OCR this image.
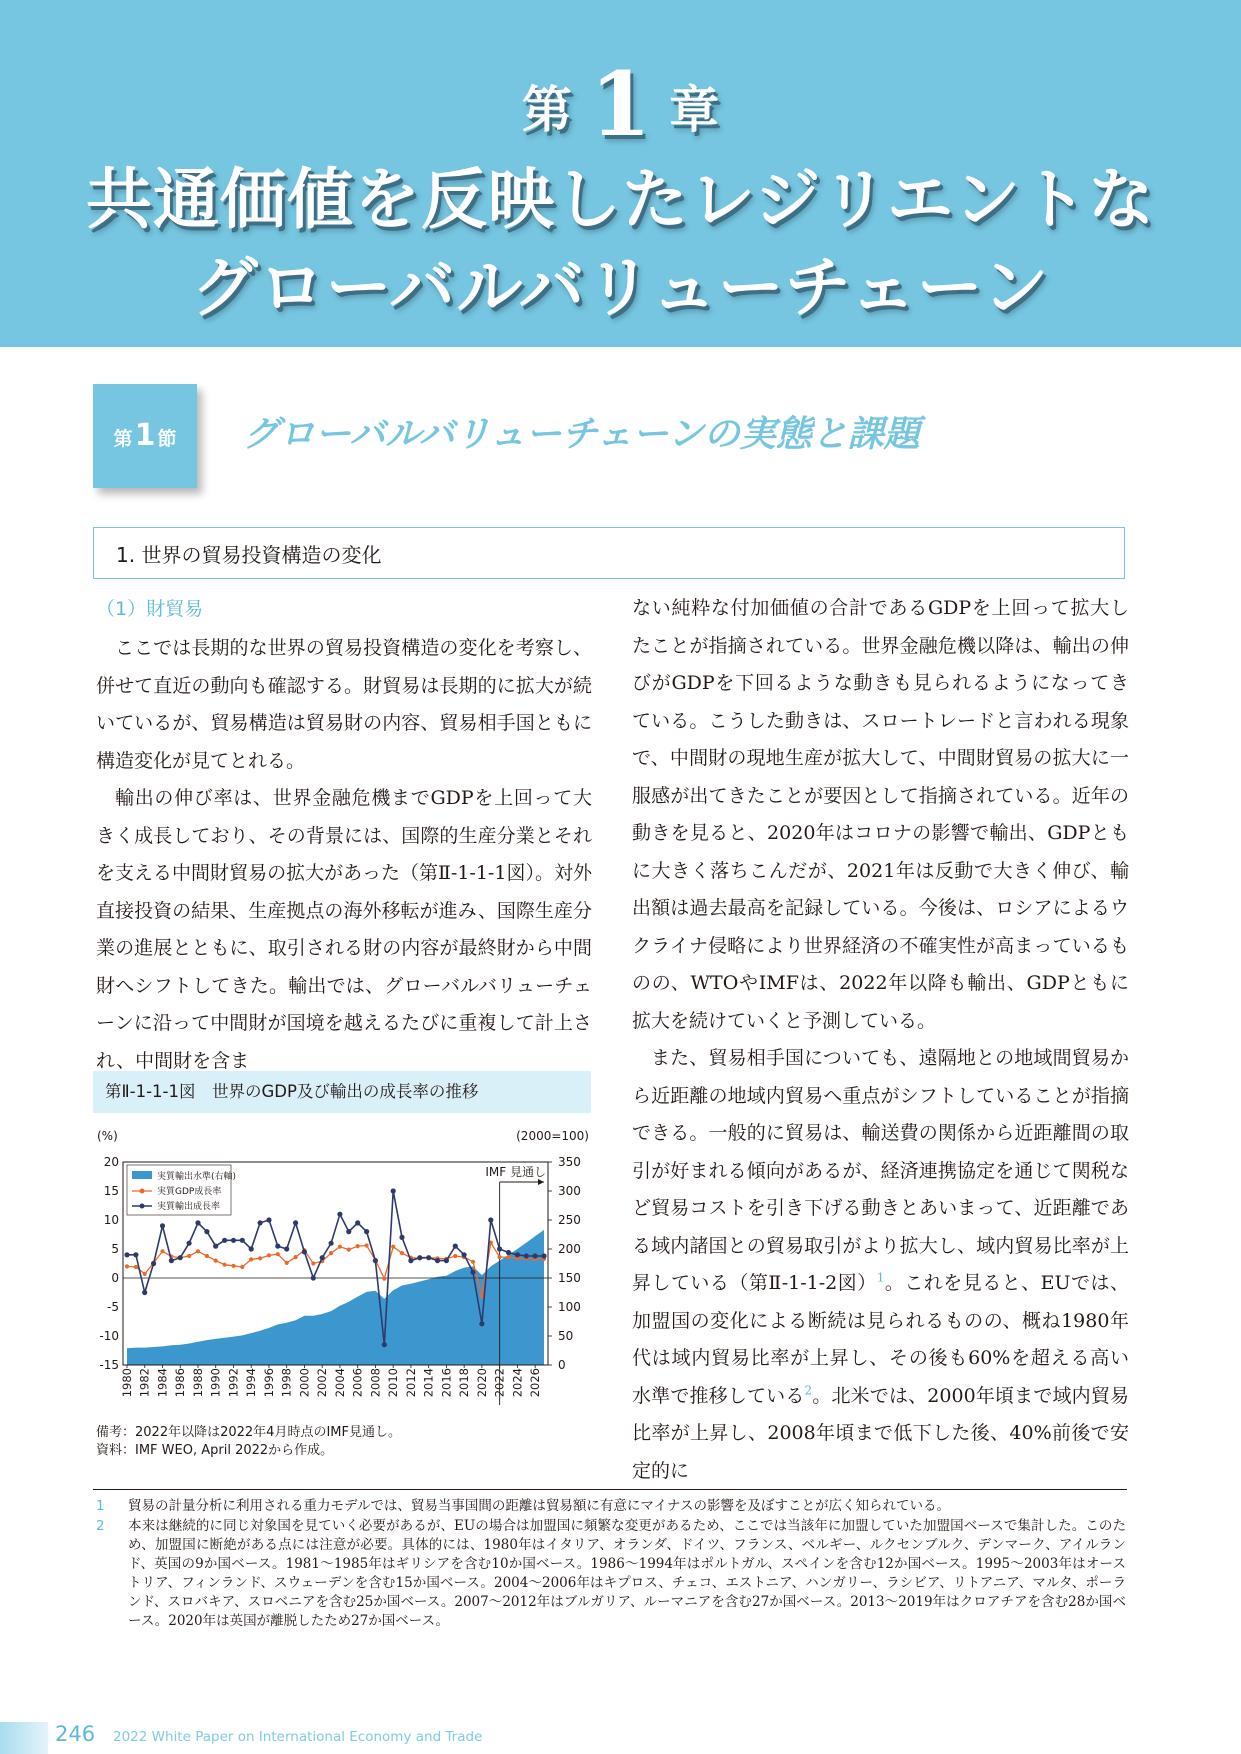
第 1 章
共通価値を反映したレジリエントな
グローバルバリューチェーン
第1 節	グローバルバリューチェーンの実態と課題
1. 世界の貿易投資構造の変化
（1）財貿易

ここでは長期的な世界の貿易投資構造の変化を考察し、併せて直近の動向も確認する。財貿易は長期的に拡大が続いているが、貿易構造は貿易財の内容、貿易相手国ともに構造変化が見てとれる。

輸出の伸び率は、世界金融危機までGDPを上回って大きく成長しており、その背景には、国際的生産分業とそれを支える中間財貿易の拡大があった（第Ⅱ-1-1-1図）。対外直接投資の結果、生産拠点の海外移転が進み、国際生産分業の進展とともに、取引される財の内容が最終財から中間財へシフトしてきた。輸出では、グローバルバリューチェーンに沿って中間財が国境を越えるたびに重複して計上され、中間財を含ま

ない純粋な付加価値の合計であるGDPを上回って拡大したことが指摘されている。世界金融危機以降は、輸出の伸びがGDPを下回るような動きも見られるようになってきている。こうした動きは、スロートレードと言われる現象で、中間財の現地生産が拡大して、中間財貿易の拡大に一服感が出てきたことが要因として指摘されている。近年の動きを見ると、2020年はコロナの影響で輸出、GDPともに大きく落ちこんだが、2021年は反動で大きく伸び、輸出額は過去最高を記録している。今後は、ロシアによるウクライナ侵略により世界経済の不確実性が高まっているものの、WTOやIMFは、2022年以降も輸出、GDPともに拡大を続けていくと予測している。

また、貿易相手国についても、遠隔地との地域間貿易から近距離の地域内貿易へ重点がシフトしていることが指摘できる。一般的に貿易は、輸送費の関係から近距離間の取引が好まれる傾向があるが、経済連携協定を通じて関税など貿易コストを引き下げる動きとあいまって、近距離である域内諸国との貿易取引がより拡大し、域内貿易比率が上昇している（第Ⅱ-1-1-2図）$^1$。これを見ると、EUでは、加盟国の変化による断続は見られるものの、概ね1980年代は域内貿易比率が上昇し、その後も60%を超える高い水準で推移している$^2$。北米では、2000年頃まで域内貿易比率が上昇し、2008年頃まで低下した後、40%前後で安定的に

第Ⅱ-1-1-1図　世界のGDP及び輸出の成長率の推移
20
15
10
5
0
-5
-10
-15
350
300
250
200
150
100
50
0
(%)	(2000=100)
1980 1982 1984 1986 1988 1990 1992 1994 1996 1998 2000 2002 2004 2006 2008 2010 2012 2014 2016 2018 2020 2022 2024 2026
IMF 見通し
実質輸出水準(右軸)
実質GDP成長率
実質輸出成長率
備考：2022年以降は2022年4月時点のIMF見通し。
資料：IMF WEO, April 2022から作成。
1 貿易の計量分析に利用される重力モデルでは、貿易当事国間の距離は貿易額に有意にマイナスの影響を及ぼすことが広く知られている。
2 本来は継続的に同じ対象国を見ていく必要があるが、EUの場合は加盟国に頻繁な変更があるため、ここでは当該年に加盟していた加盟国ベースで集計した。このため、加盟国に断絶がある点には注意が必要。具体的には、1980年はイタリア、オランダ、ドイツ、フランス、ベルギー、ルクセンブルク、デンマーク、アイルランド、英国の9か国ベース。1981～1985年はギリシアを含む10か国ベース。1986～1994年はポルトガル、スペインを含む12か国ベース。1995～2003年はオーストリア、フィンランド、スウェーデンを含む15か国ベース。2004～2006年はキプロス、チェコ、エストニア、ハンガリー、ラシビア、リトアニア、マルタ、ポーランド、スロバキア、スロベニアを含む25か国ベース。2007～2012年はブルガリア、ルーマニアを含む27か国ベース。2013～2019年はクロアチアを含む28か国ベース。2020年は英国が離脱したため27か国ベース。
246 2022 White Paper on International Economy and Trade
